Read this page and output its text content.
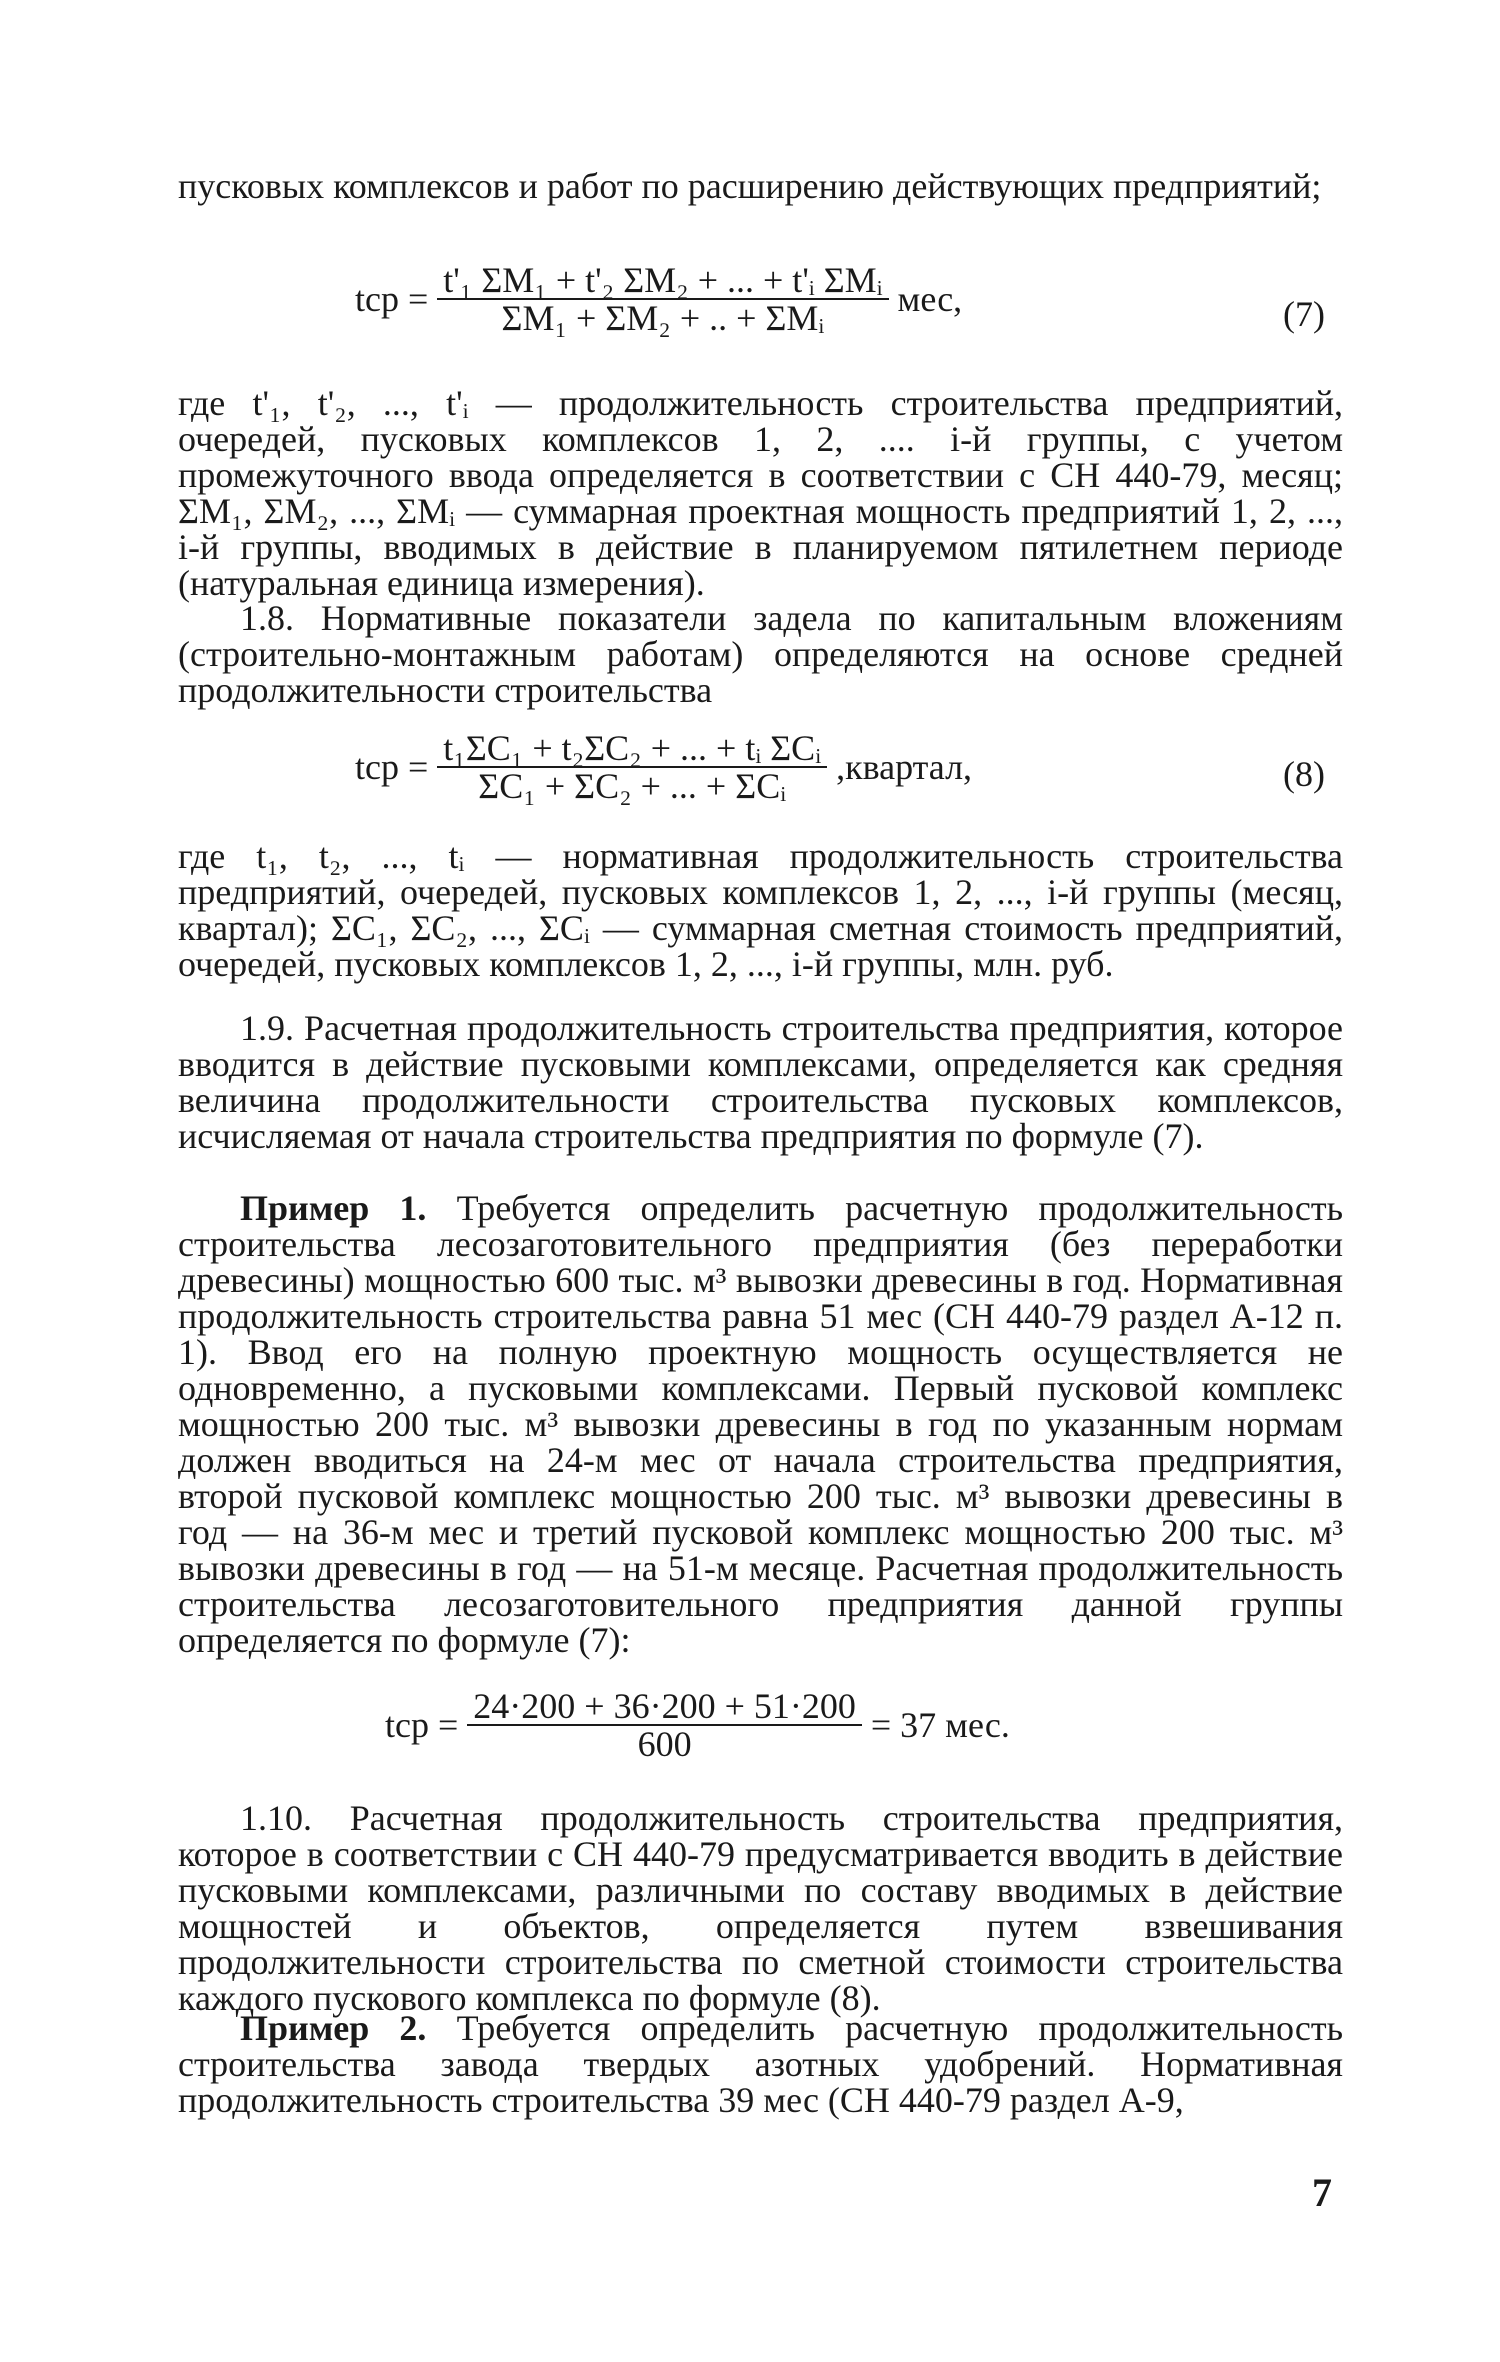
пусковых комплексов и работ по расширению действующих предприятий;

tср = $\frac{\text{t'₁ ΣM₁ + t'₂ ΣM₂ + ... + t'ᵢ ΣMᵢ}}{\text{ΣM₁ + ΣM₂ + .. + ΣMᵢ}}$ мес,	(7)

где t'₁, t'₂, ..., t'ᵢ — продолжительность строительства предприятий, очередей, пусковых комплексов 1, 2, .... i-й группы, с учетом промежуточного ввода определяется в соответствии с СН 440-79, месяц; ΣM₁, ΣM₂, ..., ΣMᵢ — суммарная проектная мощность предприятий 1, 2, ..., i-й группы, вводимых в действие в планируемом пятилетнем периоде (натуральная единица измерения).

1.8. Нормативные показатели задела по капитальным вложениям (строительно-монтажным работам) определяются на основе средней продолжительности строительства

tср = $\frac{\text{t₁ΣC₁ + t₂ΣC₂ + ... + tᵢ ΣCᵢ}}{\text{ΣC₁ + ΣC₂ + ... + ΣCᵢ}}$ ,квартал,	(8)

где t₁, t₂, ..., tᵢ — нормативная продолжительность строительства предприятий, очередей, пусковых комплексов 1, 2, ..., i-й группы (месяц, квартал); ΣC₁, ΣC₂, ..., ΣCᵢ — суммарная сметная стоимость предприятий, очередей, пусковых комплексов 1, 2, ..., i-й группы, млн. руб.

1.9. Расчетная продолжительность строительства предприятия, которое вводится в действие пусковыми комплексами, определяется как средняя величина продолжительности строительства пусковых комплексов, исчисляемая от начала строительства предприятия по формуле (7).

Пример 1. Требуется определить расчетную продолжительность строительства лесозаготовительного предприятия (без переработки древесины) мощностью 600 тыс. м³ вывозки древесины в год. Нормативная продолжительность строительства равна 51 мес (СН 440-79 раздел А-12 п. 1). Ввод его на полную проектную мощность осуществляется не одновременно, а пусковыми комплексами. Первый пусковой комплекс мощностью 200 тыс. м³ вывозки древесины в год по указанным нормам должен вводиться на 24-м мес от начала строительства предприятия, второй пусковой комплекс мощностью 200 тыс. м³ вывозки древесины в год — на 36-м мес и третий пусковой комплекс мощностью 200 тыс. м³ вывозки древесины в год — на 51-м месяце. Расчетная продолжительность строительства лесозаготовительного предприятия данной группы определяется по формуле (7):

tср = $\frac{24\cdot 200 + 36\cdot 200 + 51\cdot 200}{600} = 37$ мес.

1.10. Расчетная продолжительность строительства предприятия, которое в соответствии с СН 440-79 предусматривается вводить в действие пусковыми комплексами, различными по составу вводимых в действие мощностей и объектов, определяется путем взвешивания продолжительности строительства по сметной стоимости строительства каждого пускового комплекса по формуле (8).

Пример 2. Требуется определить расчетную продолжительность строительства завода твердых азотных удобрений. Нормативная продолжительность строительства 39 мес (СН 440-79 раздел А-9,

7
